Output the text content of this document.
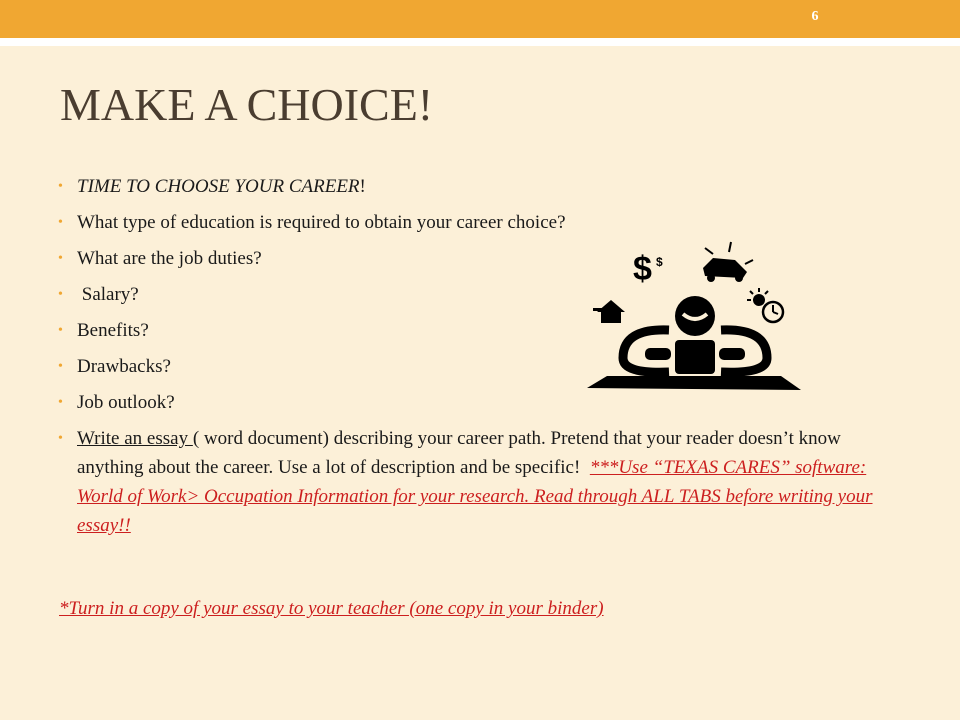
6
MAKE A CHOICE!
• TIME TO CHOOSE YOUR CAREER!
• What type of education is required to obtain your career choice?
• What are the job duties?
•  Salary?
• Benefits?
• Drawbacks?
• Job outlook?
• Write an essay ( word document) describing your career path. Pretend that your reader doesn’t know anything about the career. Use a lot of description and be specific!  ***Use “TEXAS CARES” software: World of Work> Occupation Information for your research. Read through ALL TABS before writing your essay!!
*Turn in a copy of your essay to your teacher (one copy in your binder)
$ $
